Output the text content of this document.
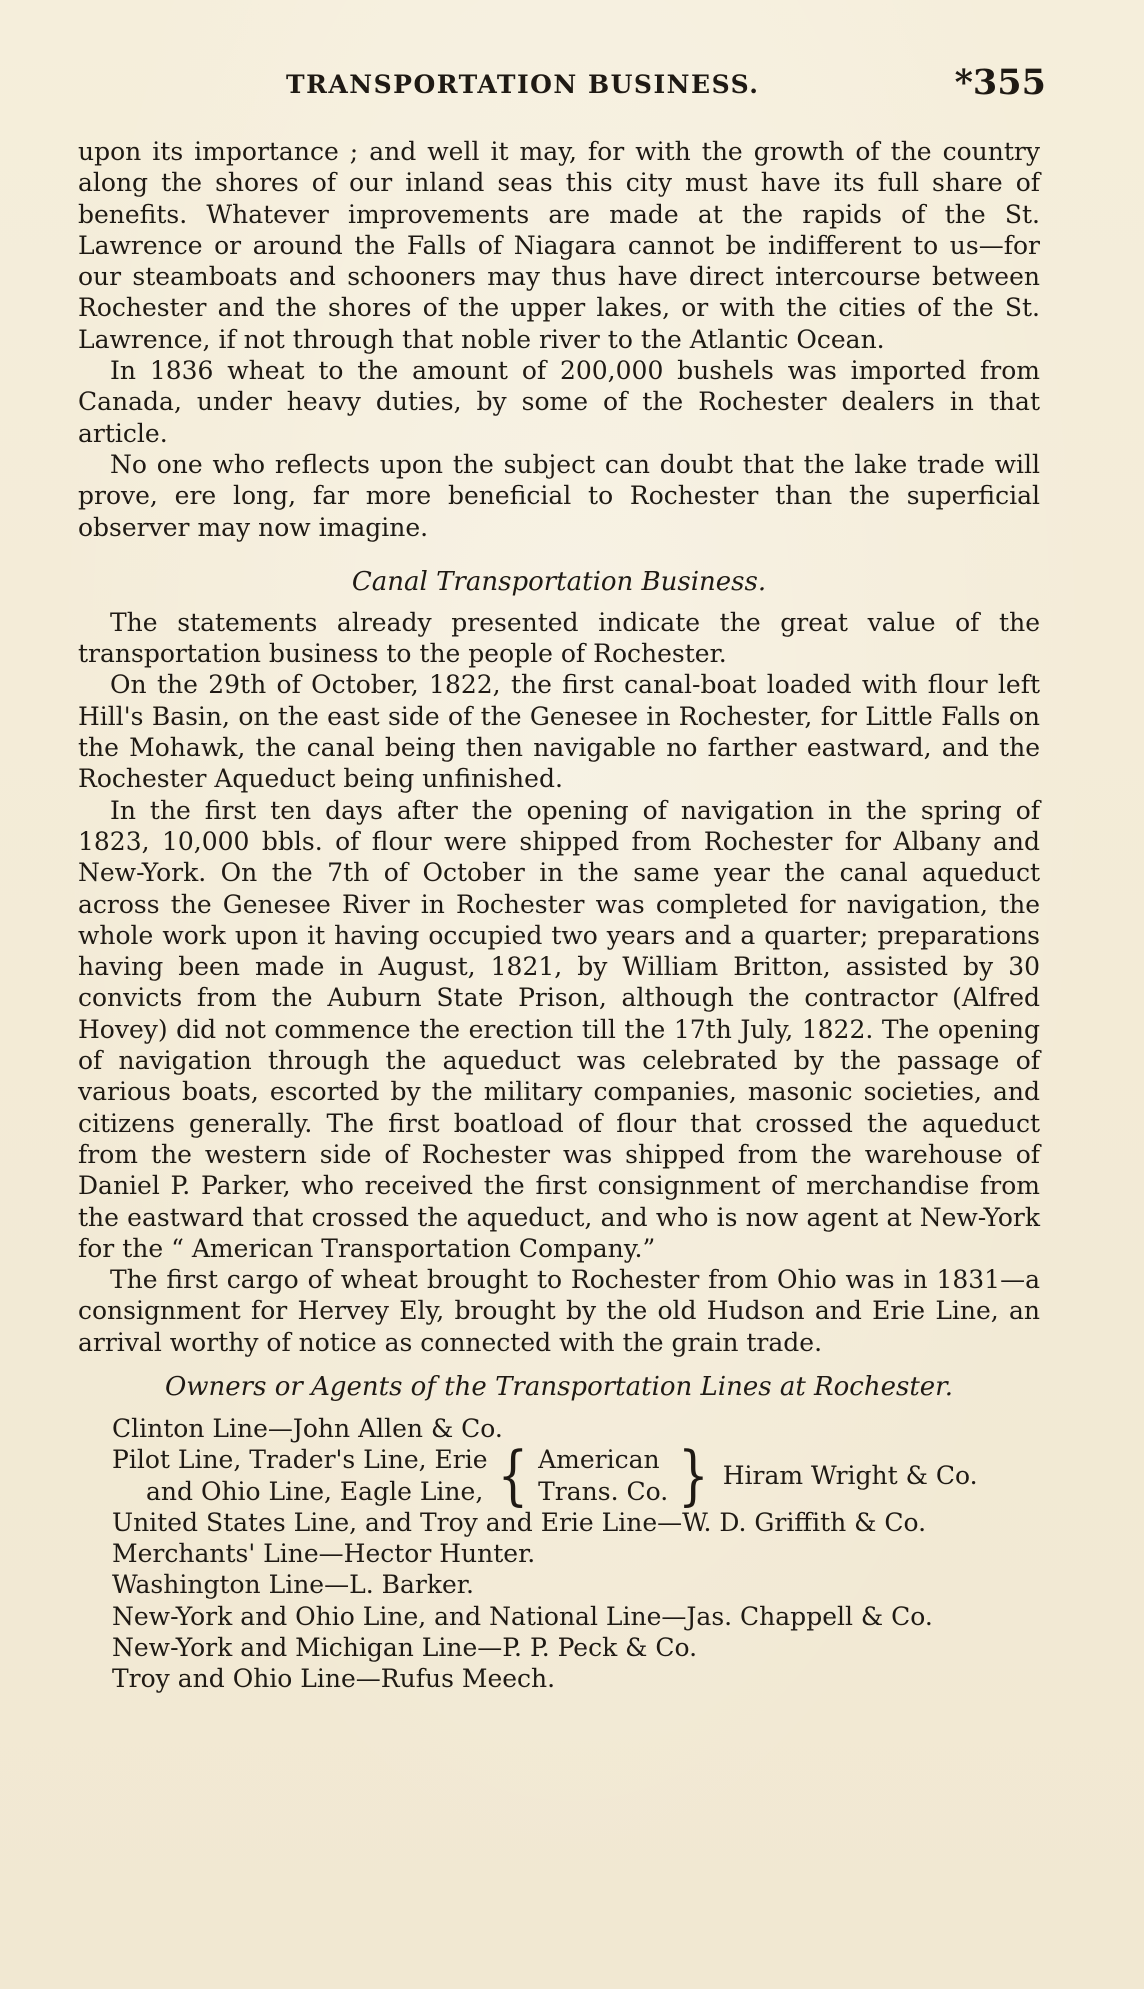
TRANSPORTATION BUSINESS.	*355

upon its importance ; and well it may, for with the growth of the country along the shores of our inland seas this city must have its full share of benefits. Whatever improvements are made at the rapids of the St. Lawrence or around the Falls of Niagara cannot be indifferent to us—for our steamboats and schooners may thus have direct intercourse between Rochester and the shores of the upper lakes, or with the cities of the St. Lawrence, if not through that noble river to the Atlantic Ocean.

In 1836 wheat to the amount of 200,000 bushels was imported from Canada, under heavy duties, by some of the Rochester dealers in that article.

No one who reflects upon the subject can doubt that the lake trade will prove, ere long, far more beneficial to Rochester than the superficial observer may now imagine.

Canal Transportation Business.

The statements already presented indicate the great value of the transportation business to the people of Rochester.

On the 29th of October, 1822, the first canal-boat loaded with flour left Hill's Basin, on the east side of the Genesee in Rochester, for Little Falls on the Mohawk, the canal being then navigable no farther eastward, and the Rochester Aqueduct being unfinished.

In the first ten days after the opening of navigation in the spring of 1823, 10,000 bbls. of flour were shipped from Rochester for Albany and New-York. On the 7th of October in the same year the canal aqueduct across the Genesee River in Rochester was completed for navigation, the whole work upon it having occupied two years and a quarter; preparations having been made in August, 1821, by William Britton, assisted by 30 convicts from the Auburn State Prison, although the contractor (Alfred Hovey) did not commence the erection till the 17th July, 1822. The opening of navigation through the aqueduct was celebrated by the passage of various boats, escorted by the military companies, masonic societies, and citizens generally. The first boatload of flour that crossed the aqueduct from the western side of Rochester was shipped from the warehouse of Daniel P. Parker, who received the first consignment of merchandise from the eastward that crossed the aqueduct, and who is now agent at New-York for the “ American Transportation Company.”

The first cargo of wheat brought to Rochester from Ohio was in 1831—a consignment for Hervey Ely, brought by the old Hudson and Erie Line, an arrival worthy of notice as connected with the grain trade.

Owners or Agents of the Transportation Lines at Rochester.

Clinton Line—John Allen & Co.

Pilot Line, Trader's Line, Erie
and Ohio Line, Eagle Line, { American
Trans. Co. } Hiram Wright & Co.

United States Line, and Troy and Erie Line—W. D. Griffith & Co.

Merchants' Line—Hector Hunter.

Washington Line—L. Barker.

New-York and Ohio Line, and National Line—Jas. Chappell & Co.

New-York and Michigan Line—P. P. Peck & Co.

Troy and Ohio Line—Rufus Meech.
